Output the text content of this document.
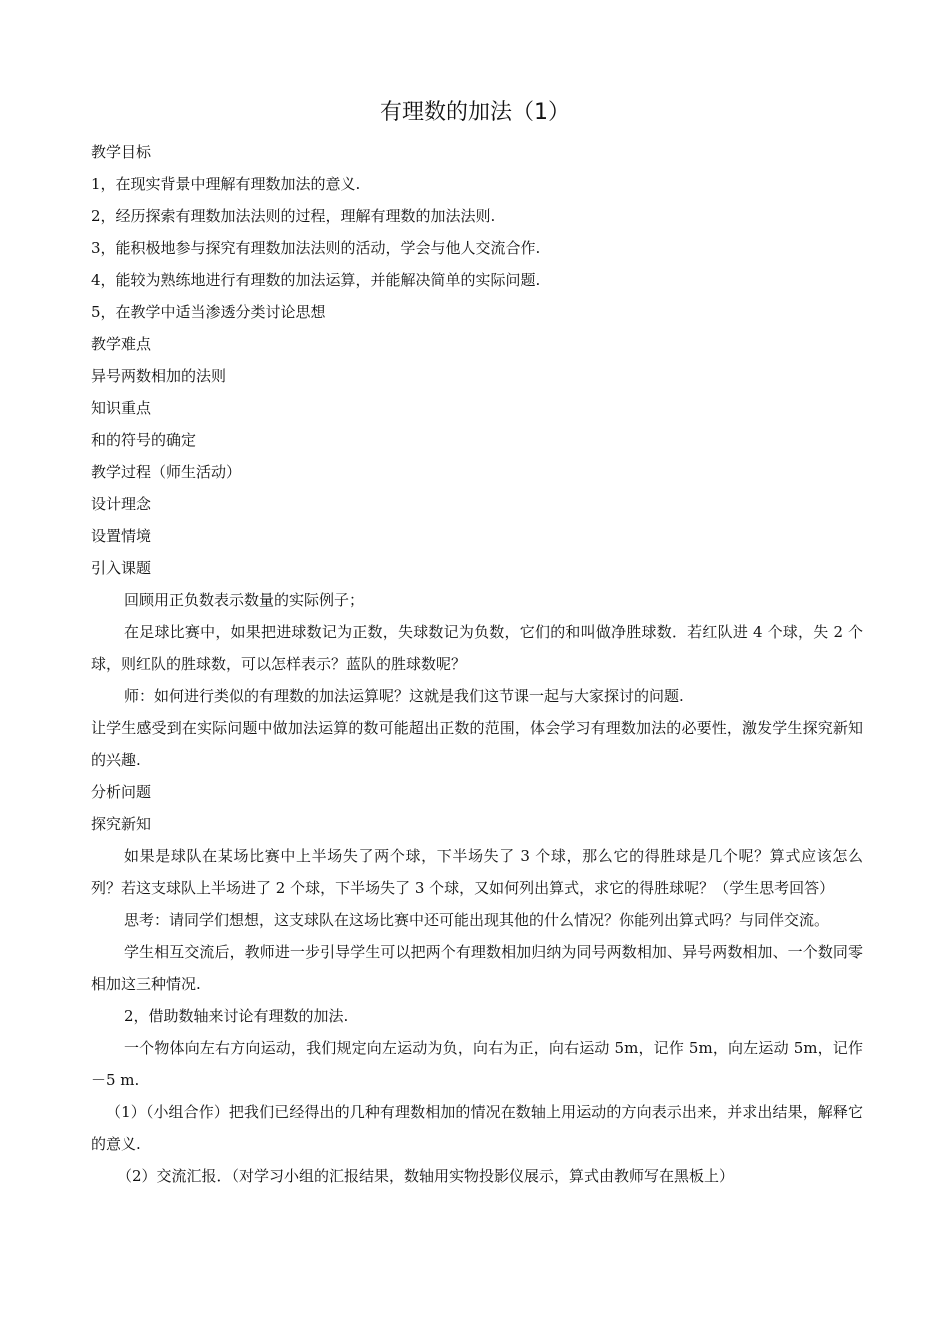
有理数的加法（1）

教学目标

1，在现实背景中理解有理数加法的意义.

2，经历探索有理数加法法则的过程，理解有理数的加法法则.

3，能积极地参与探究有理数加法法则的活动，学会与他人交流合作.

4，能较为熟练地进行有理数的加法运算，并能解决简单的实际问题.

5，在教学中适当渗透分类讨论思想

教学难点

异号两数相加的法则

知识重点

和的符号的确定

教学过程（师生活动）

设计理念

设置情境

引入课题

回顾用正负数表示数量的实际例子；

在足球比赛中，如果把进球数记为正数，失球数记为负数，它们的和叫做净胜球数．若红队进 4 个球，失 2 个球，则红队的胜球数，可以怎样表示？蓝队的胜球数呢？

师：如何进行类似的有理数的加法运算呢？这就是我们这节课一起与大家探讨的问题.

让学生感受到在实际问题中做加法运算的数可能超出正数的范围，体会学习有理数加法的必要性，激发学生探究新知的兴趣.

分析问题

探究新知

如果是球队在某场比赛中上半场失了两个球，下半场失了 3 个球，那么它的得胜球是几个呢？算式应该怎么列？若这支球队上半场进了 2 个球，下半场失了 3 个球，又如何列出算式，求它的得胜球呢？（学生思考回答）

思考：请同学们想想，这支球队在这场比赛中还可能出现其他的什么情况？你能列出算式吗？与同伴交流。

学生相互交流后，教师进一步引导学生可以把两个有理数相加归纳为同号两数相加、异号两数相加、一个数同零相加这三种情况.

2，借助数轴来讨论有理数的加法.

一个物体向左右方向运动，我们规定向左运动为负，向右为正，向右运动 5m，记作 5m，向左运动 5m，记作－5 m.

（1）（小组合作）把我们已经得出的几种有理数相加的情况在数轴上用运动的方向表示出来，并求出结果，解释它的意义.

（2）交流汇报．（对学习小组的汇报结果，数轴用实物投影仪展示，算式由教师写在黑板上）
